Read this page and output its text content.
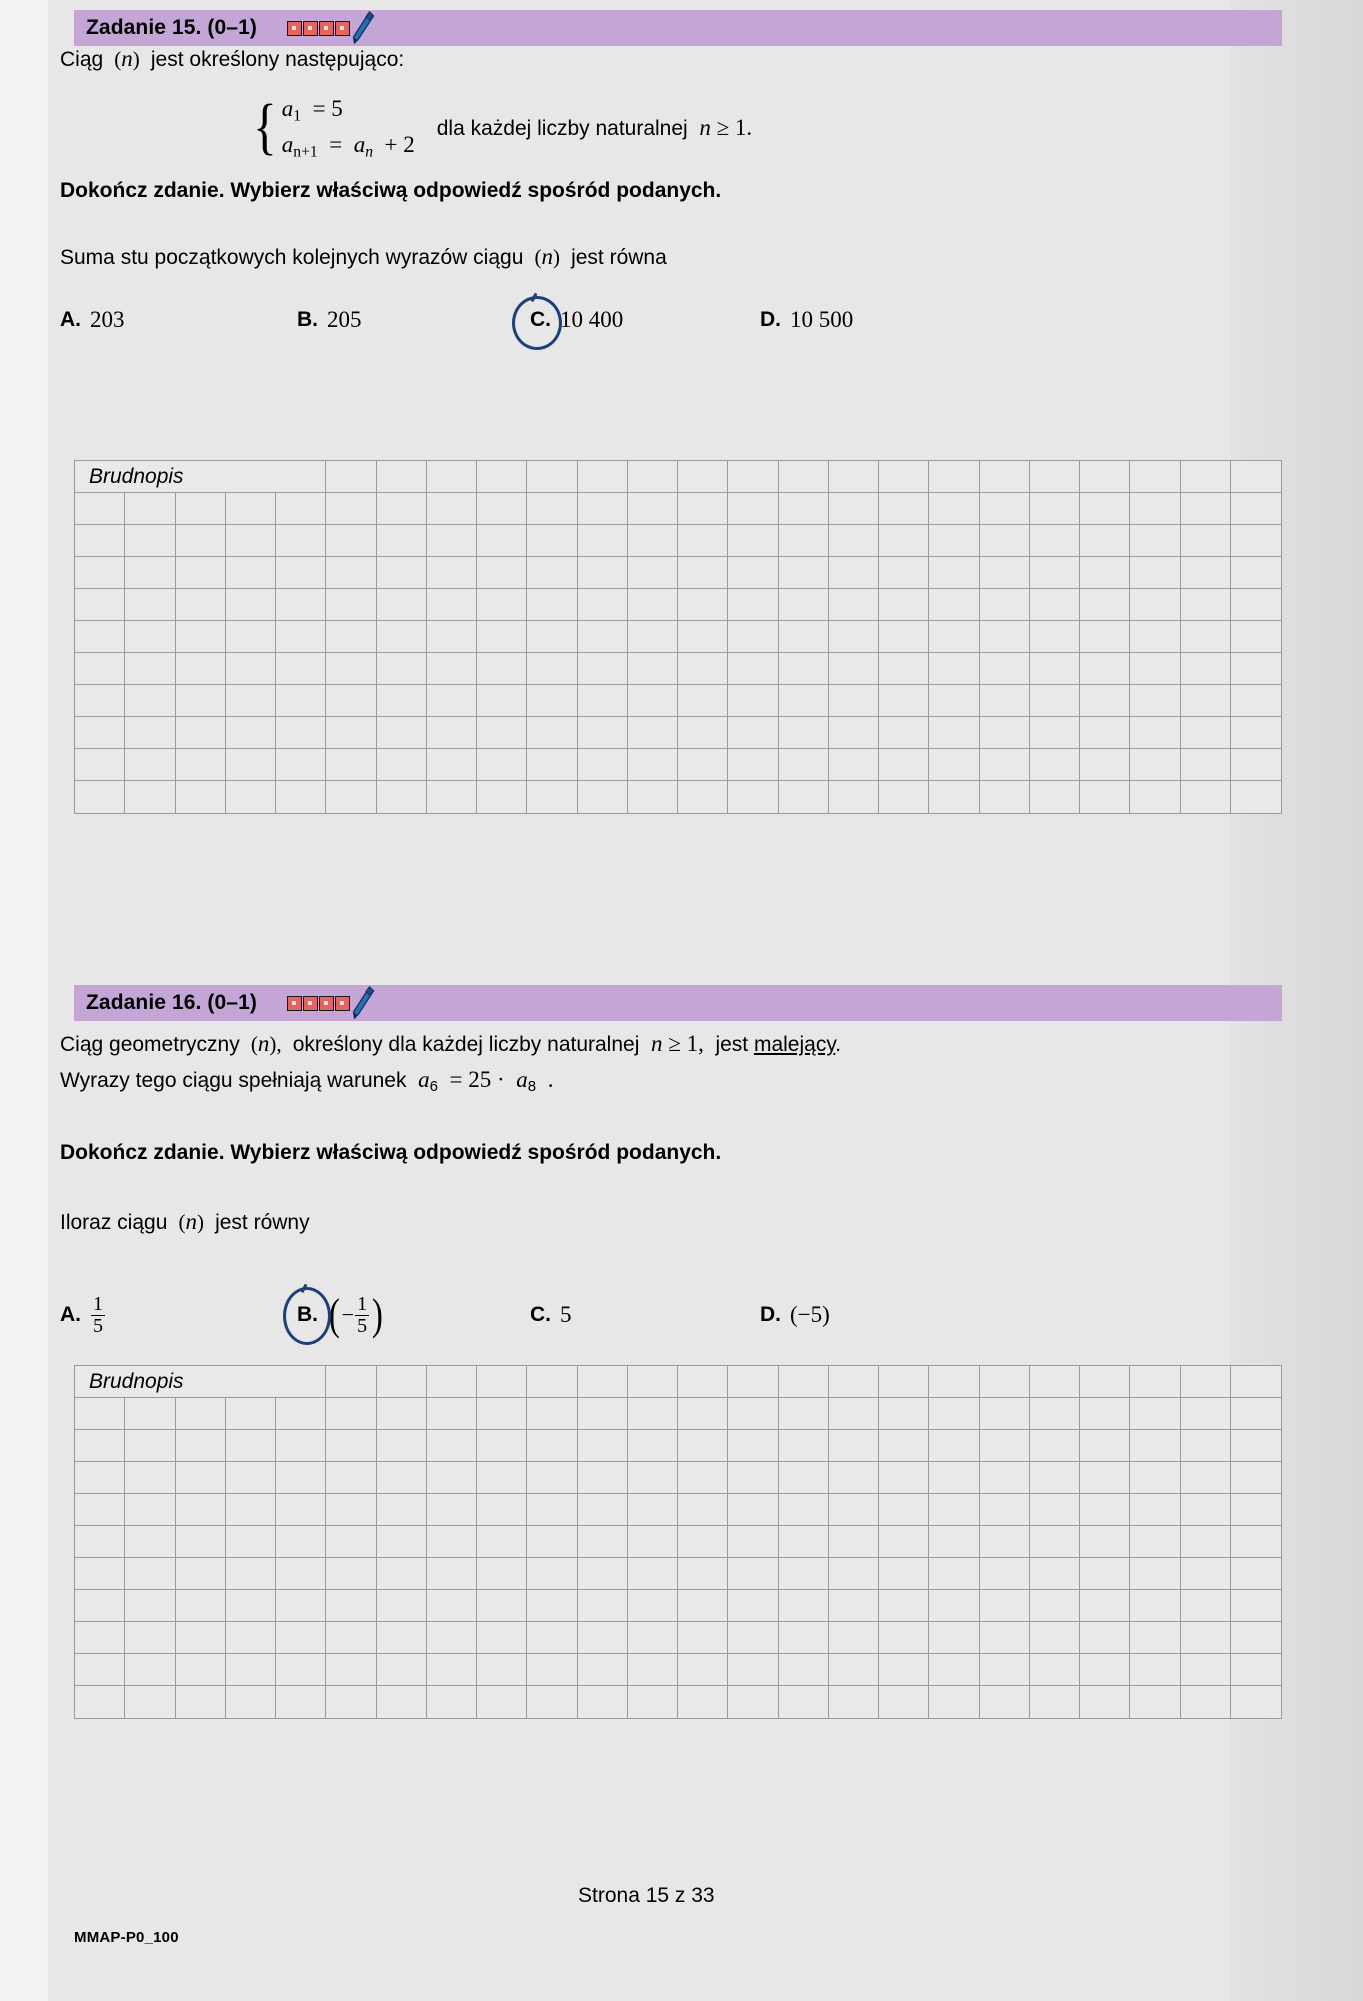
Zadanie 15. (0–1)
Ciąg  (n)  jest określony następująco:
{ a1 = 5
$an+1 = a_n + 2$
dla każdej liczby naturalnej  n ≥ 1.
Dokończ zdanie. Wybierz właściwą odpowiedź spośród podanych.
Suma stu początkowych kolejnych wyrazów ciągu  (n)  jest równa
A. 203	B. 205	C. 10 400	D. 10 500
Brudnopis
Zadanie 16. (0–1)
Ciąg geometryczny  (n),  określony dla każdej liczby naturalnej  n ≥ 1,  jest malejący.
Wyrazy tego ciągu spełniają warunek  $a_6 = 25 \cdot a_8$  .
Dokończ zdanie. Wybierz właściwą odpowiedź spośród podanych.
Iloraz ciągu  (n)  jest równy
A. $\frac{1}{5}$	B. ( − $\frac{1}{5}$ )	C. 5	D. (−5)
Brudnopis
Strona 15 z 33
MMAP-P0_100
